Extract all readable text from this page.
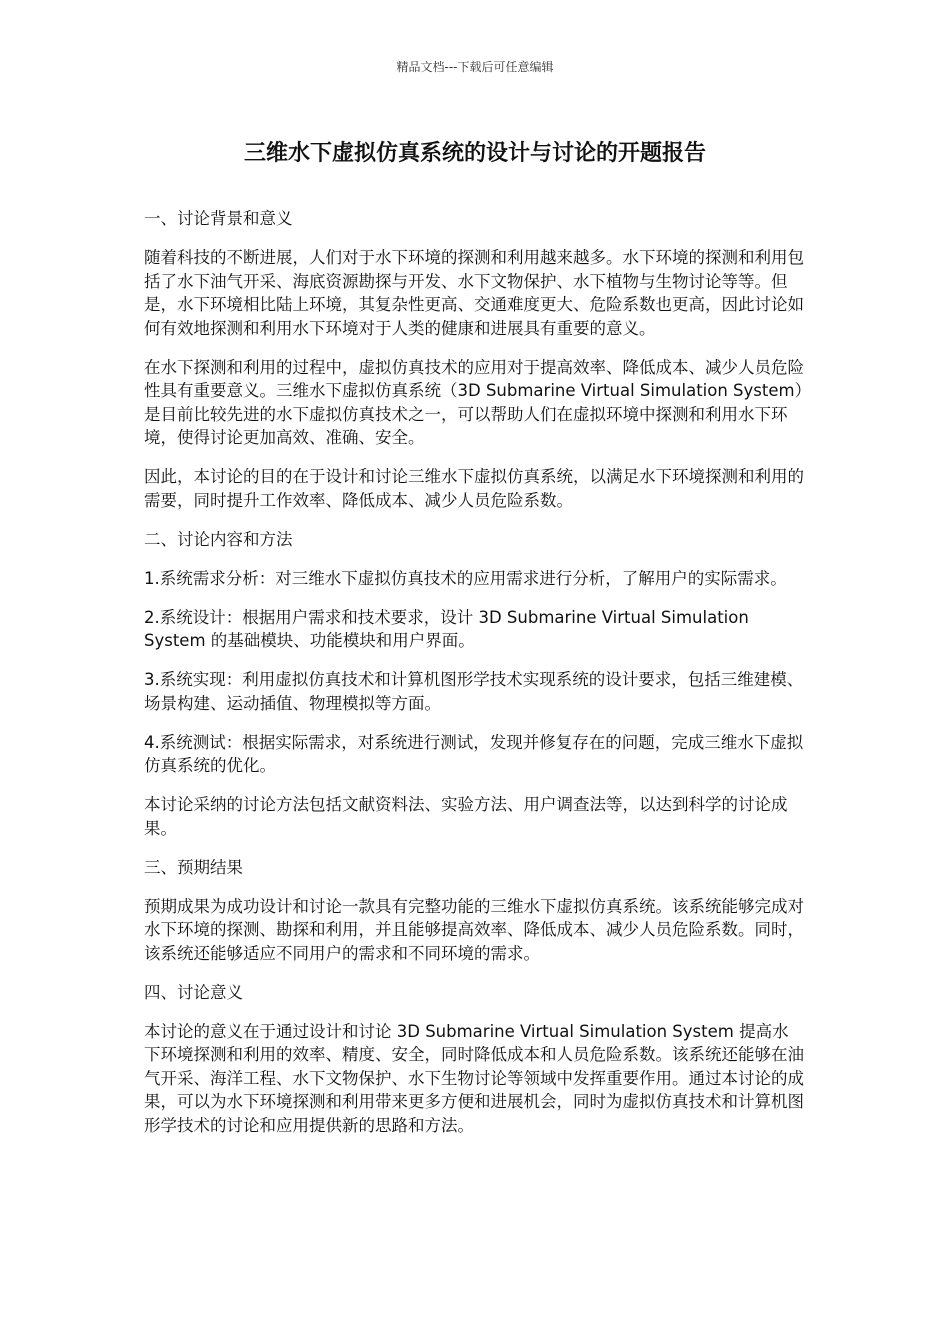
精品文档---下载后可任意编辑
三维水下虚拟仿真系统的设计与讨论的开题报告

一、讨论背景和意义

随着科技的不断进展，人们对于水下环境的探测和利用越来越多。水下环境的探测和利用包括了水下油气开采、海底资源勘探与开发、水下文物保护、水下植物与生物讨论等等。但是，水下环境相比陆上环境，其复杂性更高、交通难度更大、危险系数也更高，因此讨论如何有效地探测和利用水下环境对于人类的健康和进展具有重要的意义。

在水下探测和利用的过程中，虚拟仿真技术的应用对于提高效率、降低成本、减少人员危险性具有重要意义。三维水下虚拟仿真系统（3D Submarine Virtual Simulation System）是目前比较先进的水下虚拟仿真技术之一，可以帮助人们在虚拟环境中探测和利用水下环境，使得讨论更加高效、准确、安全。

因此，本讨论的目的在于设计和讨论三维水下虚拟仿真系统，以满足水下环境探测和利用的需要，同时提升工作效率、降低成本、减少人员危险系数。

二、讨论内容和方法

1.系统需求分析：对三维水下虚拟仿真技术的应用需求进行分析，了解用户的实际需求。

2.系统设计：根据用户需求和技术要求，设计 3D Submarine Virtual Simulation System 的基础模块、功能模块和用户界面。

3.系统实现：利用虚拟仿真技术和计算机图形学技术实现系统的设计要求，包括三维建模、场景构建、运动插值、物理模拟等方面。

4.系统测试：根据实际需求，对系统进行测试，发现并修复存在的问题，完成三维水下虚拟仿真系统的优化。

本讨论采纳的讨论方法包括文献资料法、实验方法、用户调查法等，以达到科学的讨论成果。

三、预期结果

预期成果为成功设计和讨论一款具有完整功能的三维水下虚拟仿真系统。该系统能够完成对水下环境的探测、勘探和利用，并且能够提高效率、降低成本、减少人员危险系数。同时，该系统还能够适应不同用户的需求和不同环境的需求。

四、讨论意义

本讨论的意义在于通过设计和讨论 3D Submarine Virtual Simulation System 提高水下环境探测和利用的效率、精度、安全，同时降低成本和人员危险系数。该系统还能够在油气开采、海洋工程、水下文物保护、水下生物讨论等领域中发挥重要作用。通过本讨论的成果，可以为水下环境探测和利用带来更多方便和进展机会，同时为虚拟仿真技术和计算机图形学技术的讨论和应用提供新的思路和方法。
